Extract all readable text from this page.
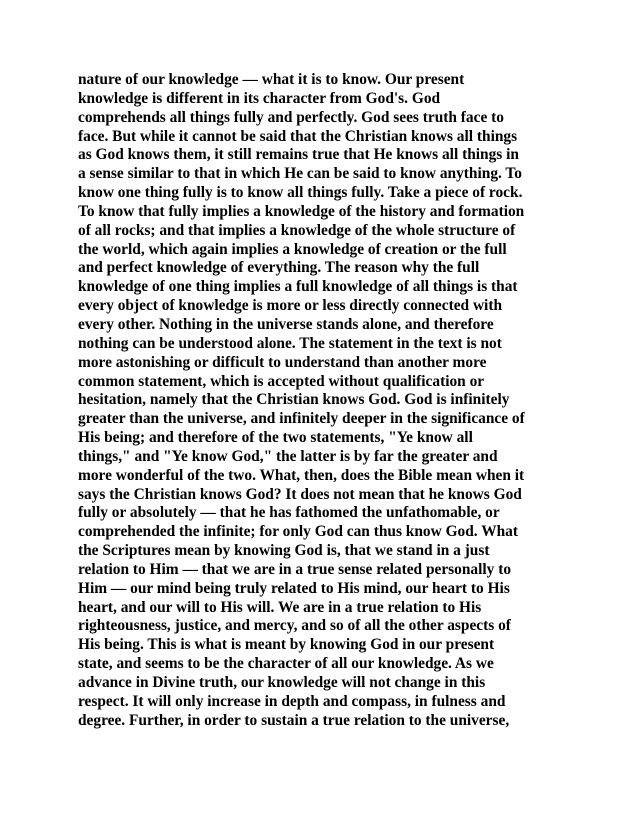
nature of our knowledge — what it is to know. Our present
knowledge is different in its character from God's. God
comprehends all things fully and perfectly. God sees truth face to
face. But while it cannot be said that the Christian knows all things
as God knows them, it still remains true that He knows all things in
a sense similar to that in which He can be said to know anything. To
know one thing fully is to know all things fully. Take a piece of rock.
To know that fully implies a knowledge of the history and formation
of all rocks; and that implies a knowledge of the whole structure of
the world, which again implies a knowledge of creation or the full
and perfect knowledge of everything. The reason why the full
knowledge of one thing implies a full knowledge of all things is that
every object of knowledge is more or less directly connected with
every other. Nothing in the universe stands alone, and therefore
nothing can be understood alone. The statement in the text is not
more astonishing or difficult to understand than another more
common statement, which is accepted without qualification or
hesitation, namely that the Christian knows God. God is infinitely
greater than the universe, and infinitely deeper in the significance of
His being; and therefore of the two statements, "Ye know all
things," and "Ye know God," the latter is by far the greater and
more wonderful of the two. What, then, does the Bible mean when it
says the Christian knows God? It does not mean that he knows God
fully or absolutely — that he has fathomed the unfathomable, or
comprehended the infinite; for only God can thus know God. What
the Scriptures mean by knowing God is, that we stand in a just
relation to Him — that we are in a true sense related personally to
Him — our mind being truly related to His mind, our heart to His
heart, and our will to His will. We are in a true relation to His
righteousness, justice, and mercy, and so of all the other aspects of
His being. This is what is meant by knowing God in our present
state, and seems to be the character of all our knowledge. As we
advance in Divine truth, our knowledge will not change in this
respect. It will only increase in depth and compass, in fulness and
degree. Further, in order to sustain a true relation to the universe,
